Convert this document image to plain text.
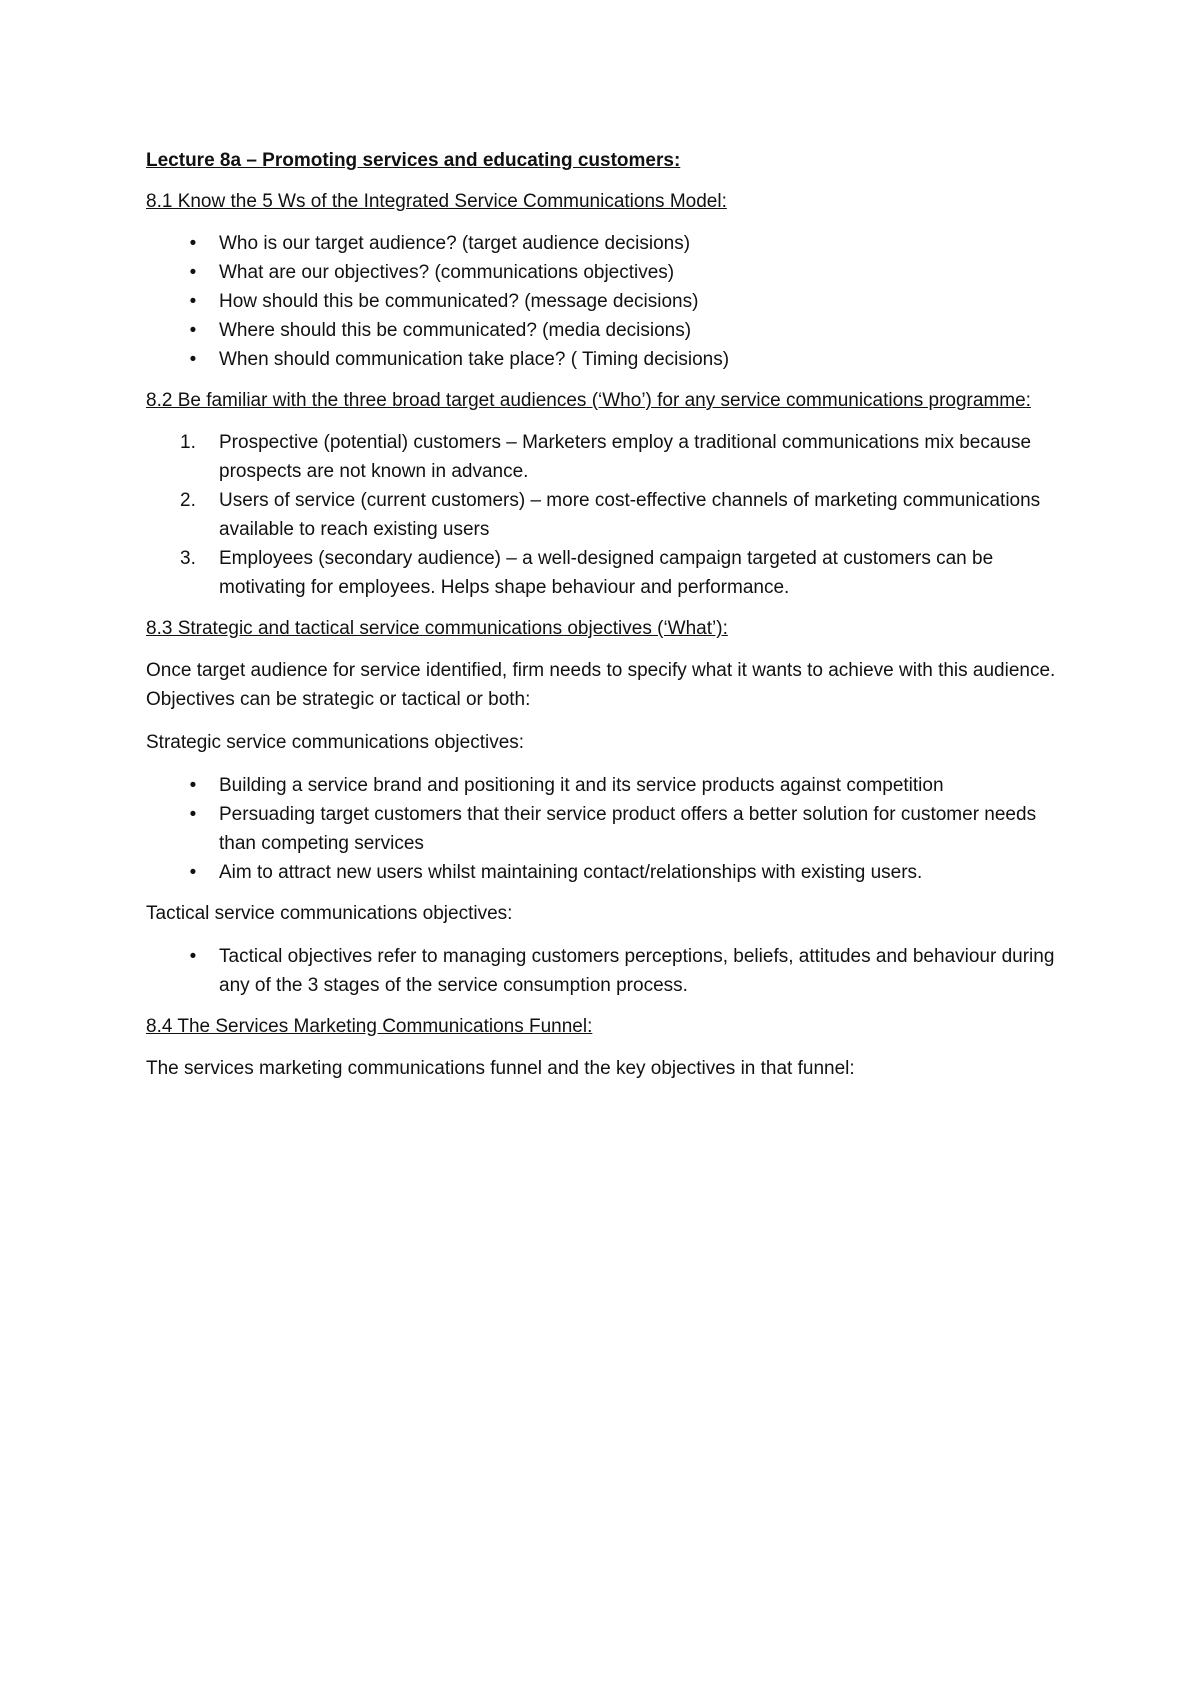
Lecture 8a – Promoting services and educating customers:
8.1 Know the 5 Ws of the Integrated Service Communications Model:
• Who is our target audience? (target audience decisions)
• What are our objectives? (communications objectives)
• How should this be communicated? (message decisions)
• Where should this be communicated? (media decisions)
• When should communication take place? ( Timing decisions)
8.2 Be familiar with the three broad target audiences (‘Who’) for any service communications programme:
1. Prospective (potential) customers – Marketers employ a traditional communications mix because prospects are not known in advance.
2. Users of service (current customers) – more cost-effective channels of marketing communications available to reach existing users
3. Employees (secondary audience) – a well-designed campaign targeted at customers can be motivating for employees. Helps shape behaviour and performance.
8.3 Strategic and tactical service communications objectives (‘What’):

Once target audience for service identified, firm needs to specify what it wants to achieve with this audience. Objectives can be strategic or tactical or both:

Strategic service communications objectives:

• Building a service brand and positioning it and its service products against competition
• Persuading target customers that their service product offers a better solution for customer needs than competing services
• Aim to attract new users whilst maintaining contact/relationships with existing users.

Tactical service communications objectives:

• Tactical objectives refer to managing customers perceptions, beliefs, attitudes and behaviour during any of the 3 stages of the service consumption process.
8.4 The Services Marketing Communications Funnel:

The services marketing communications funnel and the key objectives in that funnel:
